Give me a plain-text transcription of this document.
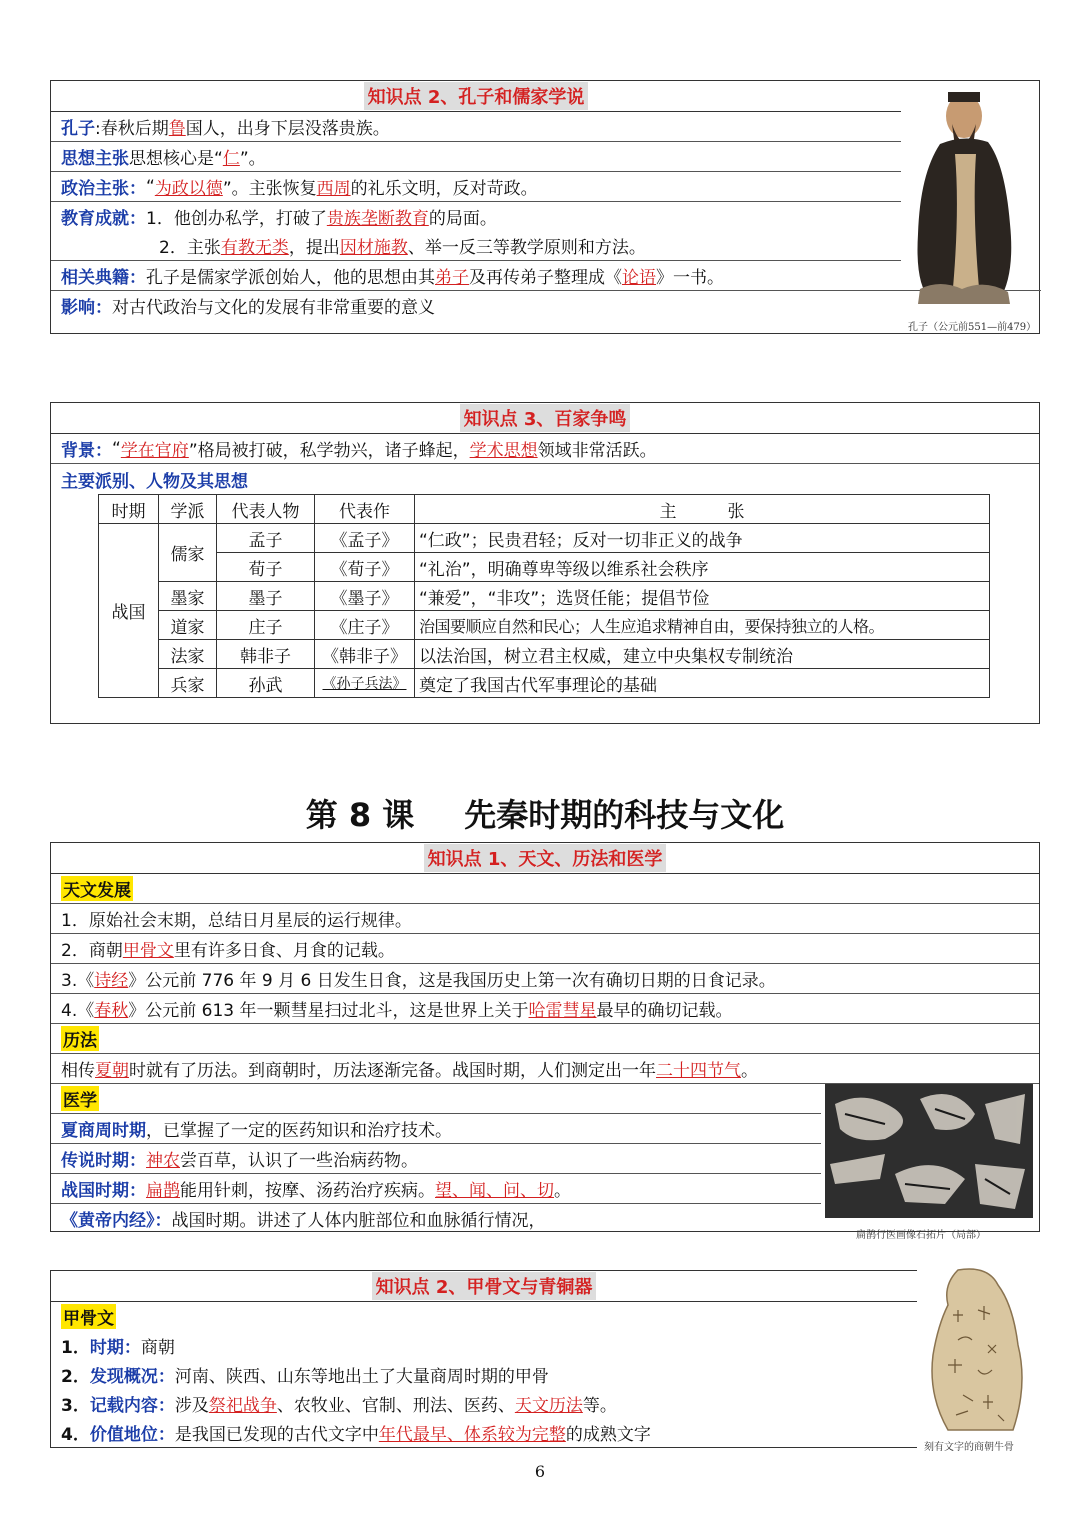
知识点 2、孔子和儒家学说
孔子 :春秋后期 鲁 国人，出身下层没落贵族。
思想主张 思想核心是“ 仁 ”。
政治主张： “ 为政以德 ”。主张恢复 西周 的礼乐文明，反对苛政。
教育成就： 1．他创办私学，打破了 贵族垄断教育 的局面。
2．主张 有教无类 ，提出 因材施教 、举一反三等教学原则和方法。
相关典籍： 孔子是儒家学派创始人，他的思想由其 弟子 及再传弟子整理成《 论语 》一书。
影响： 对古代政治与文化的发展有非常重要的意义
孔子（公元前551—前479）
知识点 3、百家争鸣
背景： “ 学在官府 ”格局被打破，私学勃兴，诸子蜂起， 学术思想 领域非常活跃。
主要派别、人物及其思想
时期	学派	代表人物	代表作	主　　　张
战国	儒家	孟子	《孟子》	“仁政”；民贵君轻；反对一切非正义的战争
		荀子	《荀子》	“礼治”，明确尊卑等级以维系社会秩序
	墨家	墨子	《墨子》	“兼爱”，“非攻”；选贤任能；提倡节俭
	道家	庄子	《庄子》	治国要顺应自然和民心；人生应追求精神自由，要保持独立的人格。
	法家	韩非子	《韩非子》	以法治国，树立君主权威，建立中央集权专制统治
	兵家	孙武	《孙子兵法》	奠定了我国古代军事理论的基础
第 8 课 先秦时期的科技与文化
知识点 1、天文、历法和医学
天文发展
1．原始社会末期，总结日月星辰的运行规律。
2．商朝 甲骨文 里有许多日食、月食的记载。
3.《 诗经 》公元前 776 年 9 月 6 日发生日食，这是我国历史上第一次有确切日期的日食记录。
4.《 春秋 》公元前 613 年一颗彗星扫过北斗，这是世界上关于 哈雷彗星 最早的确切记载。
历法
相传 夏朝 时就有了历法。到商朝时，历法逐渐完备。战国时期，人们测定出一年 二十四节气 。
医学
夏商周时期 ，已掌握了一定的医药知识和治疗技术。
传说时期： 神农 尝百草，认识了一些治病药物。
战国时期： 扁鹊 能用针刺，按摩、汤药治疗疾病。 望、闻、问、切 。
《黄帝内经》： 战国时期。讲述了人体内脏部位和血脉循行情况，
扁鹊行医画像石拓片（局部）
知识点 2、甲骨文与青铜器
甲骨文
1． 时期： 商朝
2． 发现概况： 河南、陕西、山东等地出土了大量商周时期的甲骨
3． 记载内容： 涉及 祭祀战争 、农牧业、官制、刑法、医药、 天文历法 等。
4． 价值地位： 是我国已发现的古代文字中 年代最早、体系较为完整 的成熟文字
刻有文字的商朝牛骨
6
